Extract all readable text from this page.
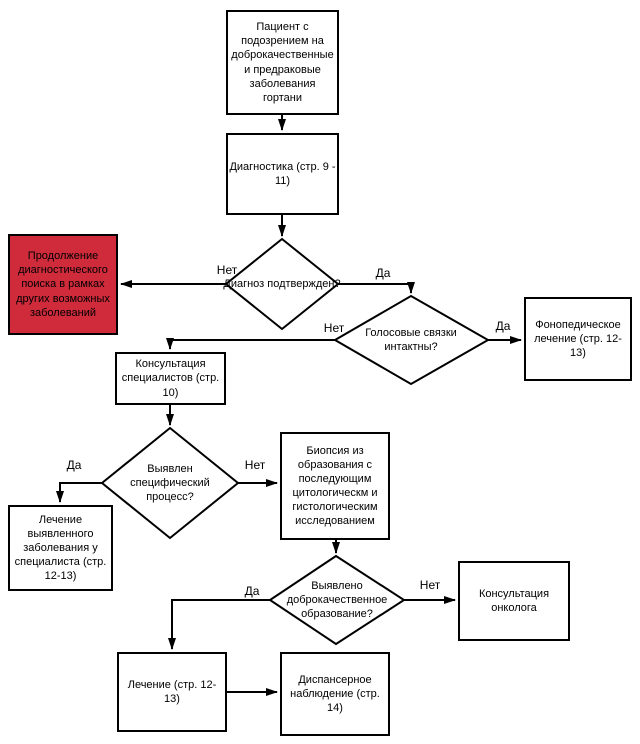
Пациент с подозрением на доброкачественные и предраковые заболевания гортани
Диагностика (стр. 9 - 11)
Продолжение диагностического поиска в рамках других возможных заболеваний
Фонопедическое лечение (стр. 12-13)
Консультация специалистов (стр. 10)
Биопсия из образования с последующим цитологическм и гистологическим исследованием
Лечение выявленного заболевания у специалиста (стр. 12-13)
Консультация онколога
Лечение (стр. 12-13)
Диспансерное наблюдение (стр. 14)
Диагноз подтвержден?
Голосовые связки интактны?
Выявлен специфический процесс?
Выявлено доброкачественное образование?
Нет	Да
Нет	Да
Да	Нет
Да	Нет
